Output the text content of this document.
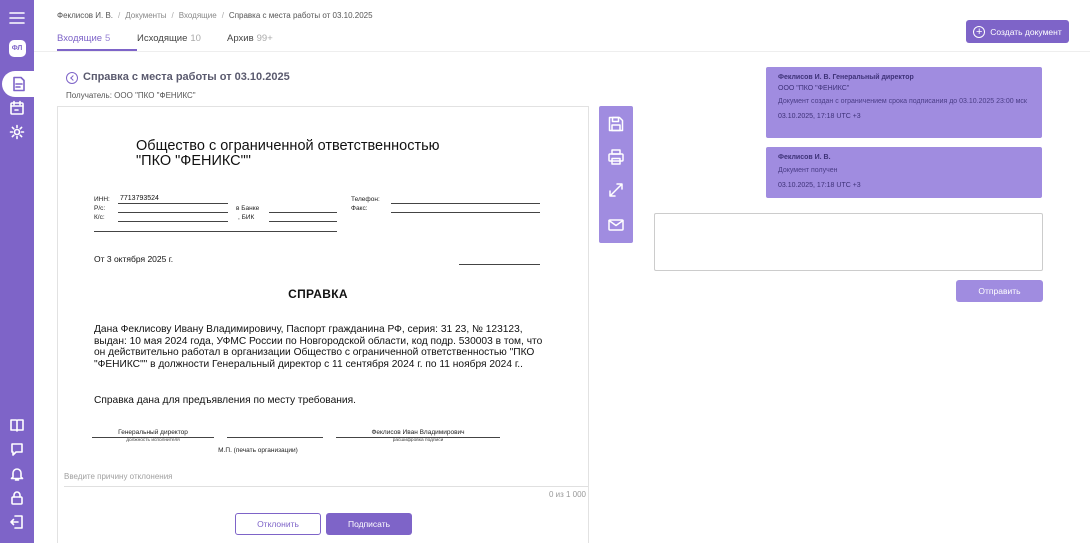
ФЛ
Феклисов И. В. / Документы / Входящие / Справка с места работы от 03.10.2025
Входящие 5	Исходящие 10	Архив 99+
+ Создать документ
Справка с места работы от 03.10.2025
Получатель: ООО "ПКО "ФЕНИКС"
Общество с ограниченной ответственностью "ПКО "ФЕНИКС""
ИНН: 7713793524
Р/с:
К/с:
в Банке
, БИК
Телефон:
Факс:
От 3 октября 2025 г.
СПРАВКА
Дана Феклисову Ивану Владимировичу, Паспорт гражданина РФ, серия: 31 23, № 123123, выдан: 10 мая 2024 года, УФМС России по Новгородской области, код подр. 530003 в том, что он действительно работал в организации Общество с ограниченной ответственностью "ПКО "ФЕНИКС"" в должности Генеральный директор с 11 сентября 2024 г. по 11 ноября 2024 г..
Справка дана для предъявления по месту требования.
Генеральный директор
должность исполнителя
М.П. (печать организации)
Феклисов Иван Владимирович
расшифровка подписи
Введите причину отклонения
0 из 1 000
Отклонить	Подписать
Феклисов И. В. Генеральный директор
ООО "ПКО "ФЕНИКС"
Документ создан с ограничением срока подписания до 03.10.2025 23:00 мск
03.10.2025, 17:18 UTC +3
Феклисов И. В.
Документ получен
03.10.2025, 17:18 UTC +3
Отправить
